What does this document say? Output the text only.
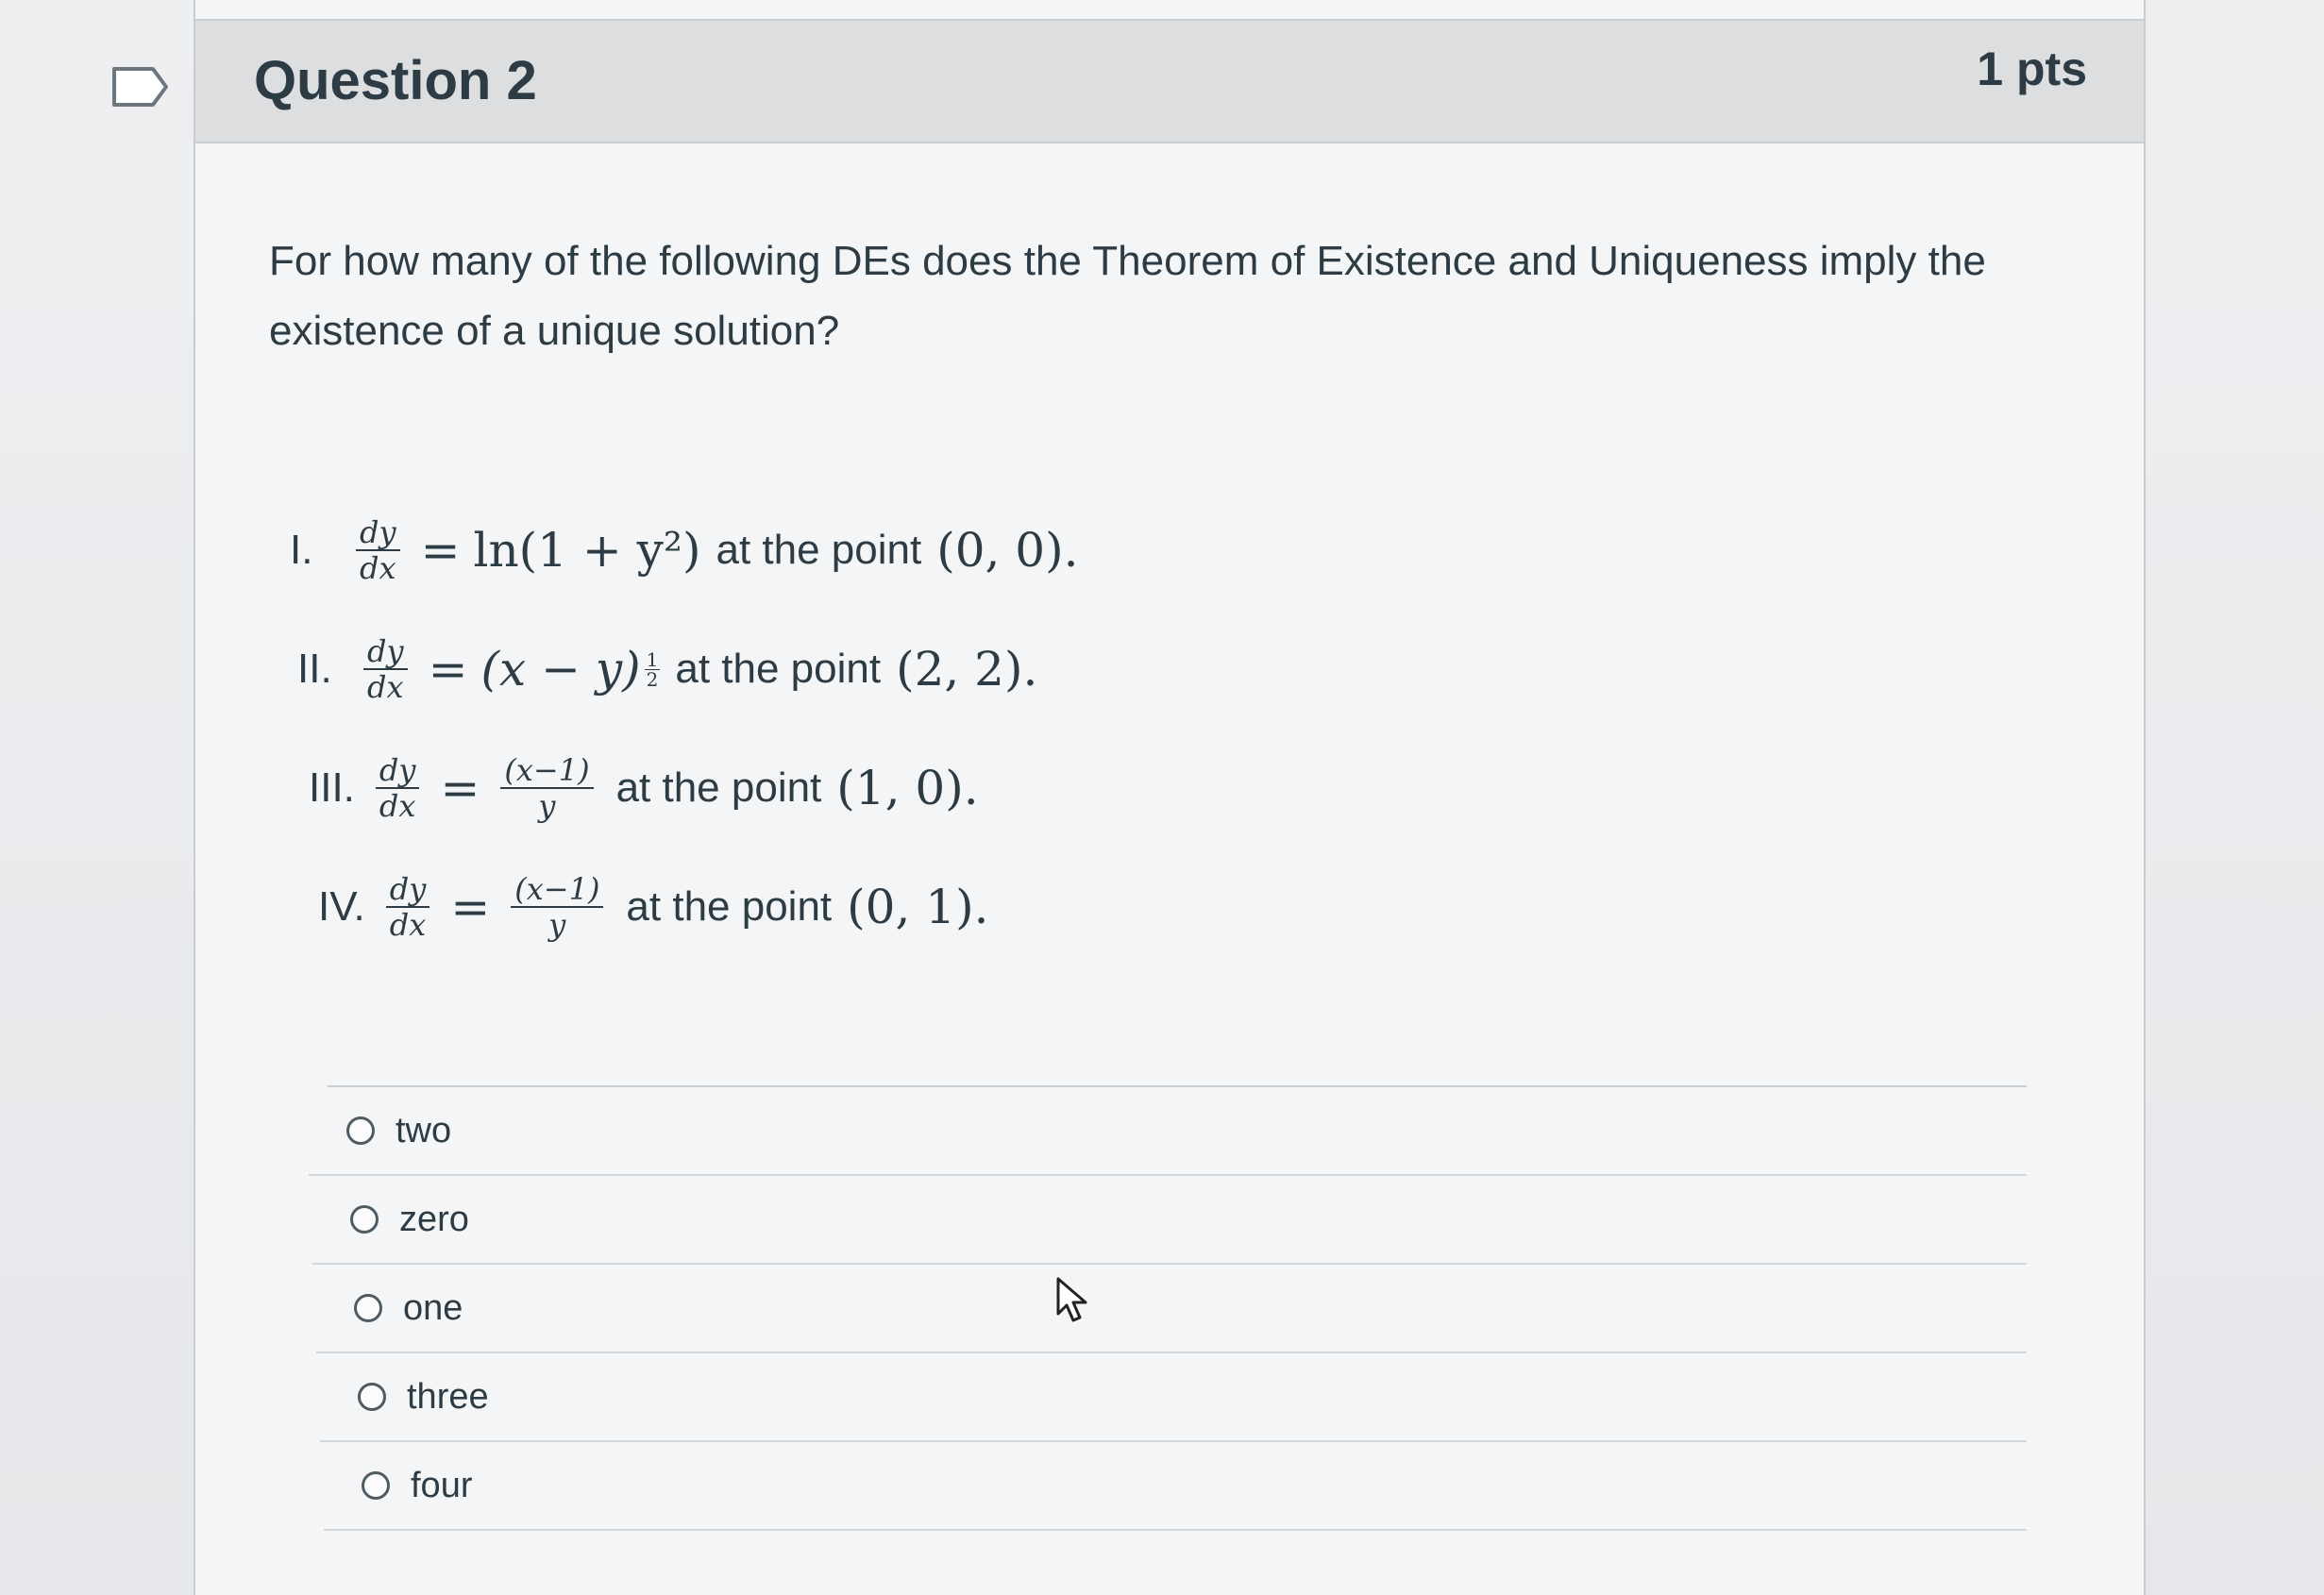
Question 2	1 pts
For how many of the following DEs does the Theorem of Existence and Uniqueness imply the existence of a unique solution?
I.	$\frac{dy}{dx} = \ln(1 + y^2)$ at the point (0, 0).
II.	$\frac{dy}{dx} = (x - y) \frac{1}{2}$ at the point (2, 2).
III. $\frac{dy}{dx} = \frac{(x-1)}{y}$ at the point (1, 0).
IV. $\frac{dy}{dx} = \frac{(x-1)}{y}$ at the point (0, 1).
two
zero
one
three
four
